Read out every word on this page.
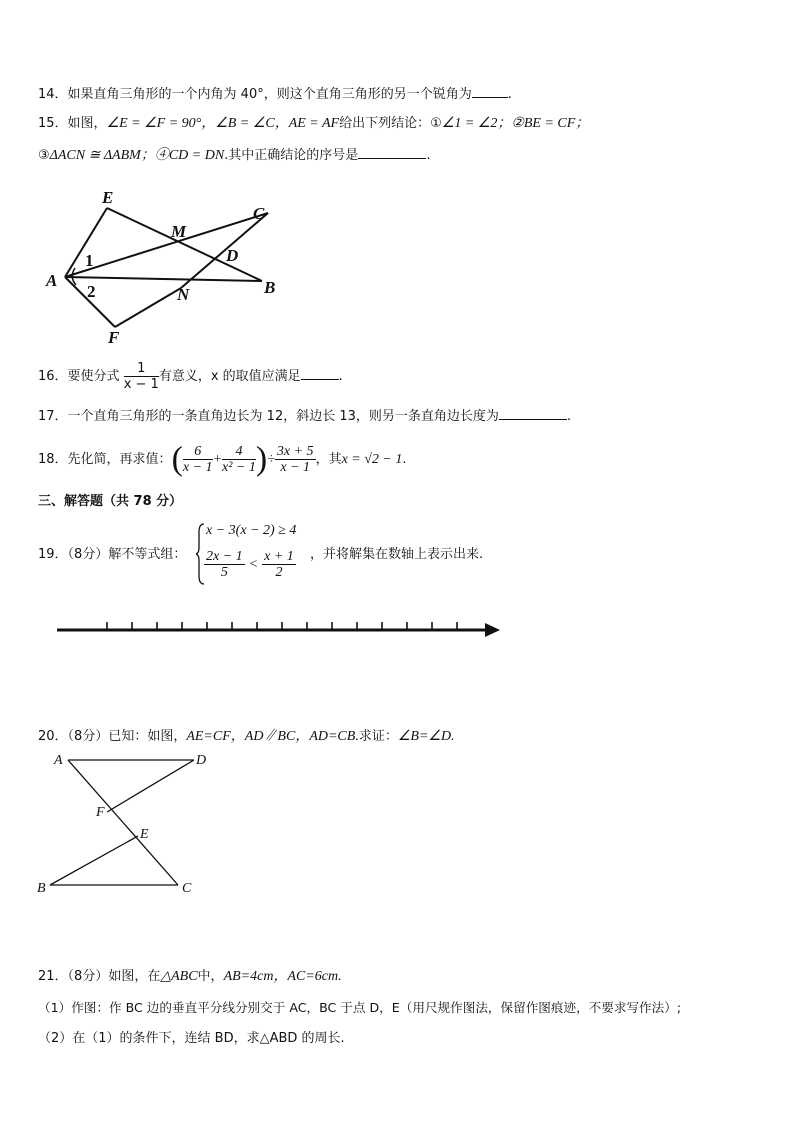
14．如果直角三角形的一个内角为 40°，则这个直角三角形的另一个锐角为	.
15．如图，∠E = ∠F = 90°，∠B = ∠C，AE = AF给出下列结论：①∠1 = ∠2；②BE = CF；
③ΔACN ≅ ΔABM；④CD = DN.其中正确结论的序号是	.
E
M
C
D
A
1
2	N	B
F
16．要使分式 $\frac{1}{x - 1}$ 有意义，x 的取值应满足	.
17．一个直角三角形的一条直角边长为 12，斜边长 13，则另一条直角边长度为	.
18．先化简，再求值：( $\frac{6}{x - 1} + \frac{4}{\text{x² − 1}}$ )÷ $\frac{3x + 5}{x - 1}$ ，其x = √2 − 1.
三、解答题（共 78 分）
19．（8分）解不等式组：
x − 3(x − 2) ≥ 4
$\frac{2x - 1}{5} < \frac{x + 1}{2}$ ，并将解集在数轴上表示出来.
20．（8分）已知：如图，AE=CF，AD∥BC，AD=CB.求证：∠B=∠D.
A	D
F
E
B	C
21．（8分）如图，在△ABC中，AB=4cm，AC=6cm.
（1）作图：作 BC 边的垂直平分线分别交于 AC，BC 于点 D，E（用尺规作图法，保留作图痕迹，不要求写作法）;
（2）在（1）的条件下，连结 BD，求△ABD 的周长.
